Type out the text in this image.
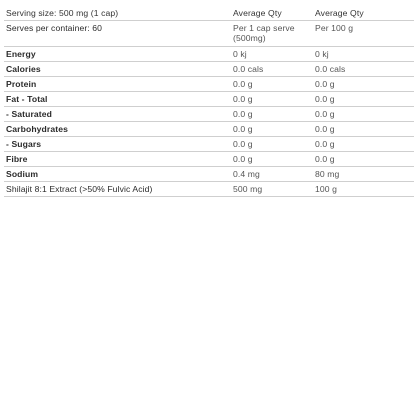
Serving size: 500 mg (1 cap)	Average Qty	Average Qty
Serves per container: 60	Per 1 cap serve (500mg)	Per 100 g
Energy	0 kj	0 kj
Calories	0.0 cals	0.0 cals
Protein	0.0 g	0.0 g
Fat - Total	0.0 g	0.0 g
- Saturated	0.0 g	0.0 g
Carbohydrates	0.0 g	0.0 g
- Sugars	0.0 g	0.0 g
Fibre	0.0 g	0.0 g
Sodium	0.4 mg	80 mg
Shilajit 8:1 Extract (>50% Fulvic Acid)	500 mg	100 g
